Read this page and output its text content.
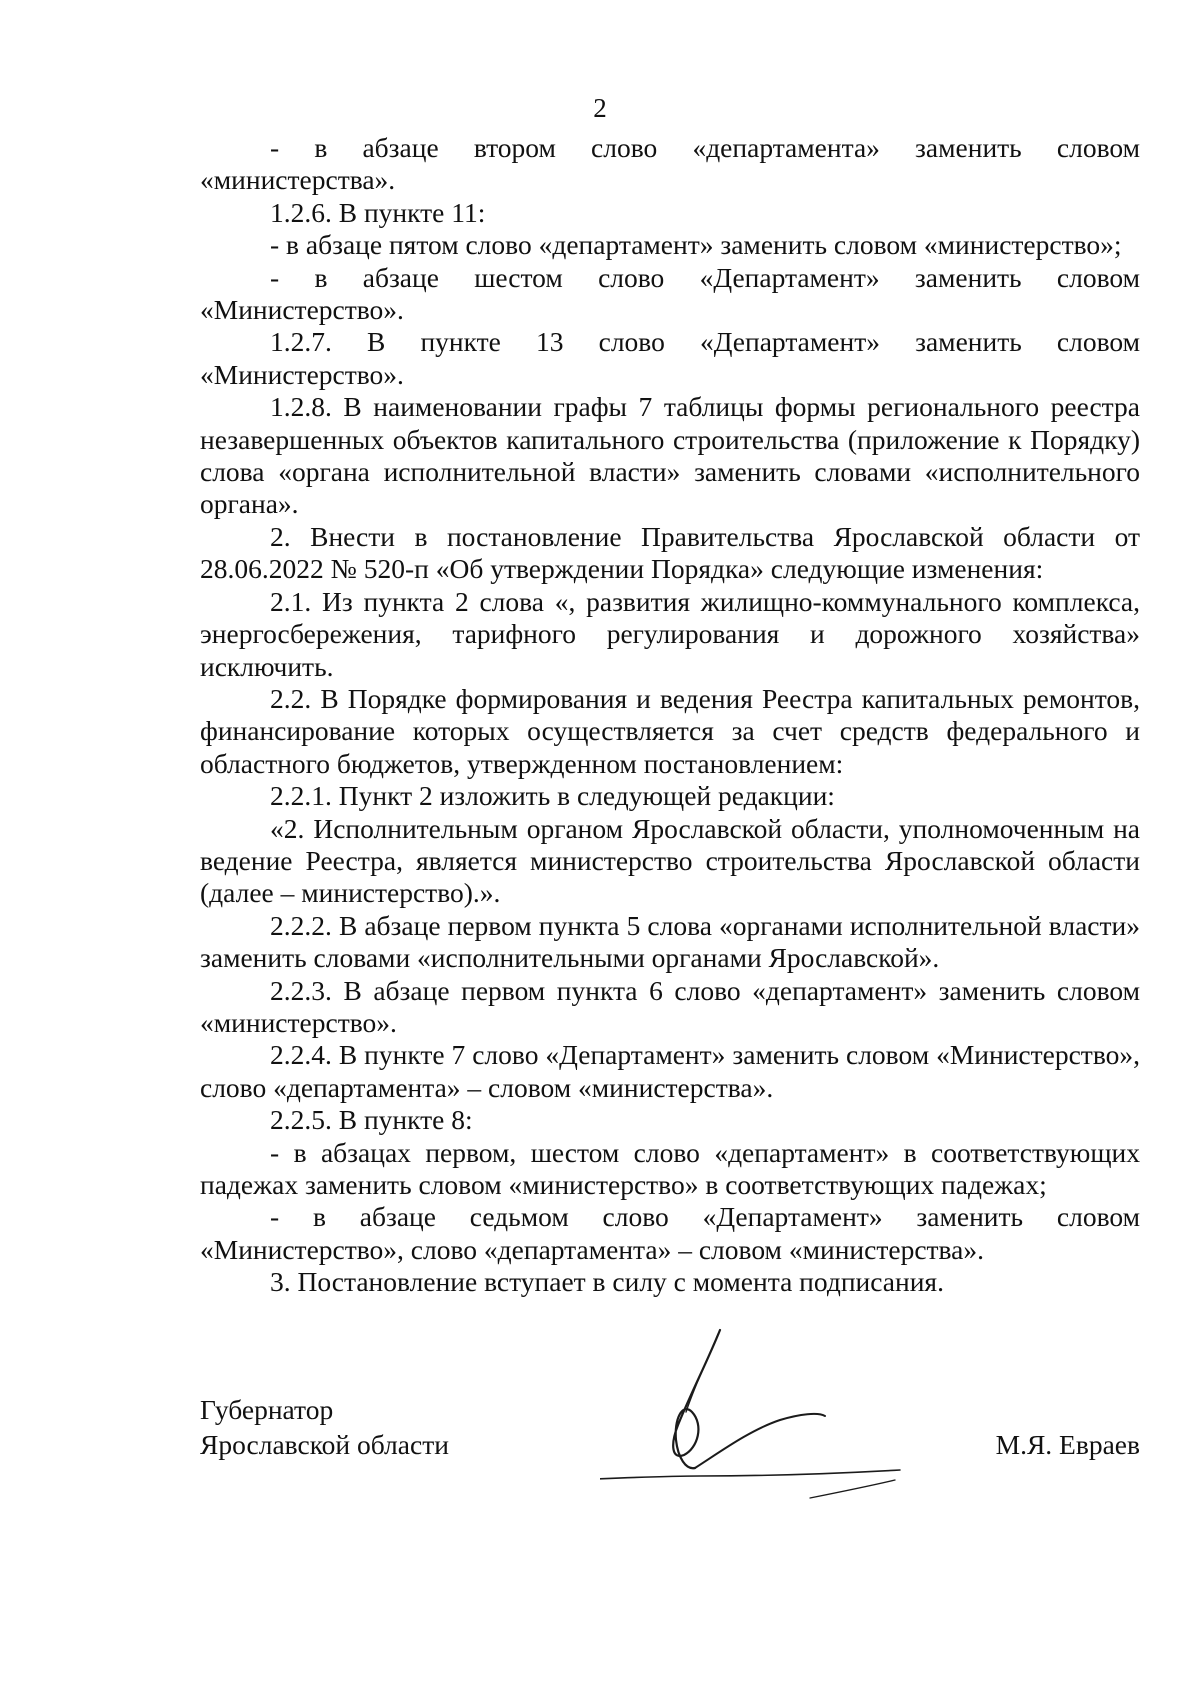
2

- в абзаце втором слово «департамента» заменить словом «министерства».

1.2.6. В пункте 11:

- в абзаце пятом слово «департамент» заменить словом «министерство»;

- в абзаце шестом слово «Департамент» заменить словом «Министерство».

1.2.7. В пункте 13 слово «Департамент» заменить словом «Министерство».

1.2.8. В наименовании графы 7 таблицы формы регионального реестра незавершенных объектов капитального строительства (приложение к Порядку) слова «органа исполнительной власти» заменить словами «исполнительного органа».

2. Внести в постановление Правительства Ярославской области от 28.06.2022 № 520-п «Об утверждении Порядка» следующие изменения:

2.1. Из пункта 2 слова «, развития жилищно-коммунального комплекса, энергосбережения, тарифного регулирования и дорожного хозяйства» исключить.

2.2. В Порядке формирования и ведения Реестра капитальных ремонтов, финансирование которых осуществляется за счет средств федерального и областного бюджетов, утвержденном постановлением:

2.2.1. Пункт 2 изложить в следующей редакции:

«2. Исполнительным органом Ярославской области, уполномоченным на ведение Реестра, является министерство строительства Ярославской области (далее – министерство).».

2.2.2. В абзаце первом пункта 5 слова «органами исполнительной власти» заменить словами «исполнительными органами Ярославской».

2.2.3. В абзаце первом пункта 6 слово «департамент» заменить словом «министерство».

2.2.4. В пункте 7 слово «Департамент» заменить словом «Министерство», слово «департамента» – словом «министерства».

2.2.5. В пункте 8:

- в абзацах первом, шестом слово «департамент» в соответствующих падежах заменить словом «министерство» в соответствующих падежах;

- в абзаце седьмом слово «Департамент» заменить словом «Министерство», слово «департамента» – словом «министерства».

3. Постановление вступает в силу с момента подписания.

Губернатор
Ярославской области	М.Я. Евраев
